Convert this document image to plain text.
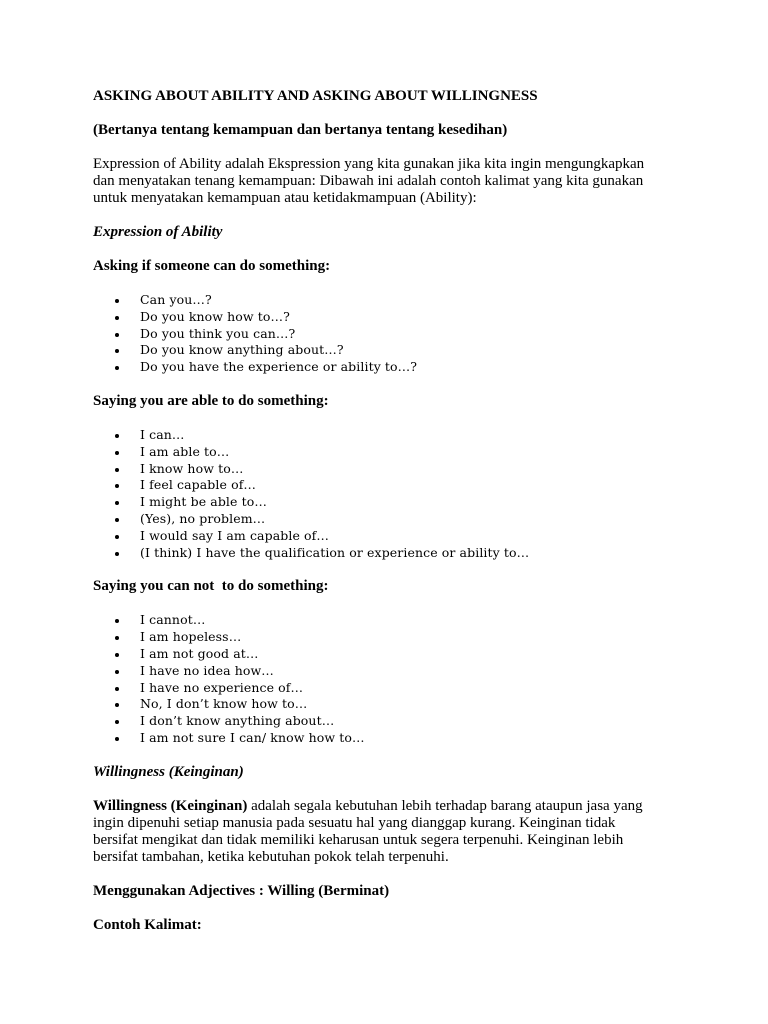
ASKING ABOUT ABILITY AND ASKING ABOUT WILLINGNESS

(Bertanya tentang kemampuan dan bertanya tentang kesedihan)

Expression of Ability adalah Ekspression yang kita gunakan jika kita ingin mengungkapkan
dan menyatakan tenang kemampuan: Dibawah ini adalah contoh kalimat yang kita gunakan
untuk menyatakan kemampuan atau ketidakmampuan (Ability):

Expression of Ability

Asking if someone can do something:

Can you…?
Do you know how to…?
Do you think you can…?
Do you know anything about…?
Do you have the experience or ability to…?

Saying you are able to do something:

I can…
I am able to…
I know how to…
I feel capable of…
I might be able to…
(Yes), no problem…
I would say I am capable of…
(I think) I have the qualification or experience or ability to…

Saying you can not  to do something:

I cannot…
I am hopeless…
I am not good at…
I have no idea how…
I have no experience of…
No, I don’t know how to…
I don’t know anything about…
I am not sure I can/ know how to…

Willingness (Keinginan)

Willingness (Keinginan) adalah segala kebutuhan lebih terhadap barang ataupun jasa yang
ingin dipenuhi setiap manusia pada sesuatu hal yang dianggap kurang. Keinginan tidak
bersifat mengikat dan tidak memiliki keharusan untuk segera terpenuhi. Keinginan lebih
bersifat tambahan, ketika kebutuhan pokok telah terpenuhi.

Menggunakan Adjectives : Willing (Berminat)

Contoh Kalimat:
